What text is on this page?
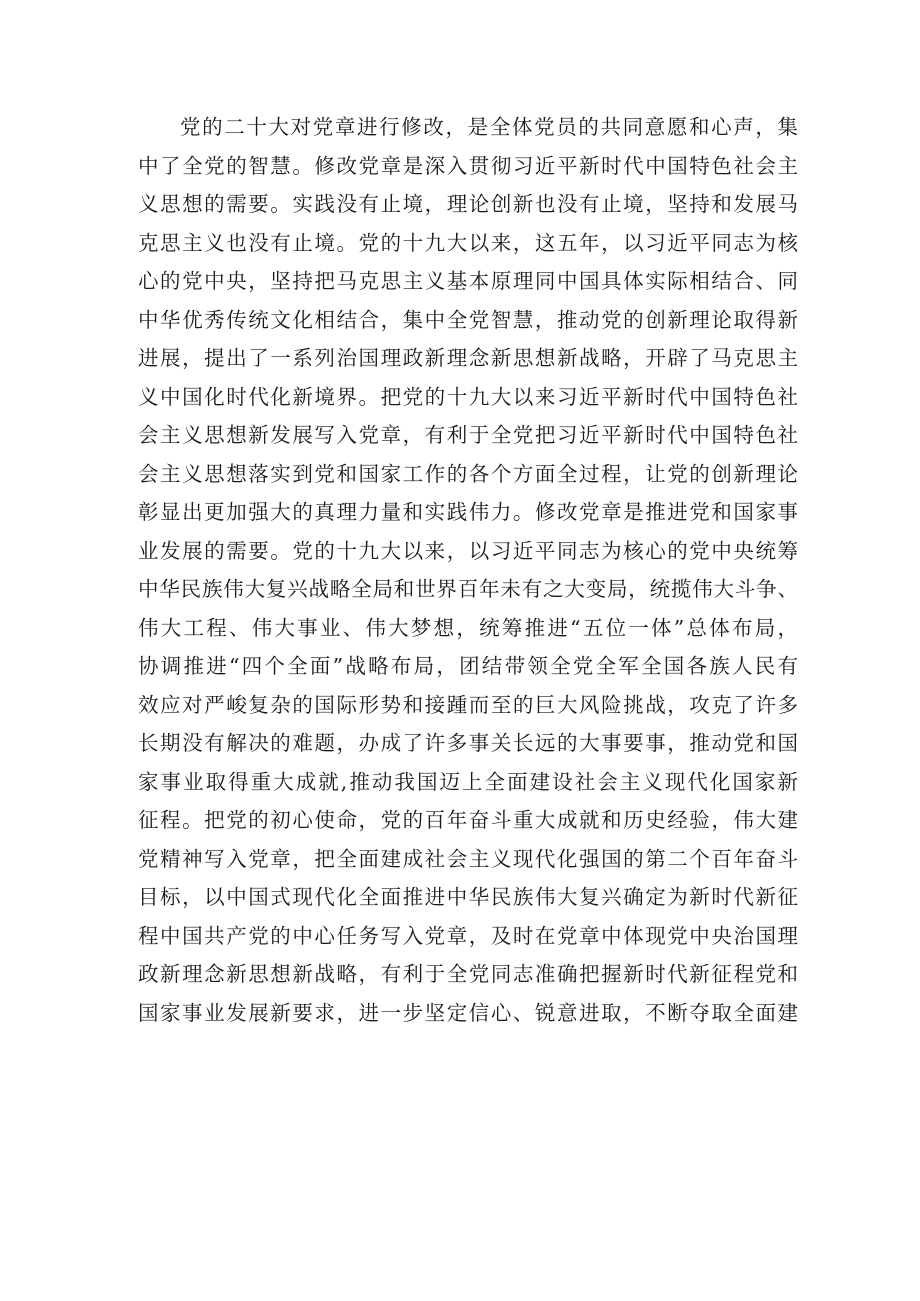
党的二十大对党章进行修改，是全体党员的共同意愿和心声，集
中了全党的智慧。修改党章是深入贯彻习近平新时代中国特色社会主
义思想的需要。实践没有止境，理论创新也没有止境，坚持和发展马
克思主义也没有止境。党的十九大以来，这五年，以习近平同志为核
心的党中央，坚持把马克思主义基本原理同中国具体实际相结合、同
中华优秀传统文化相结合，集中全党智慧，推动党的创新理论取得新
进展，提出了一系列治国理政新理念新思想新战略，开辟了马克思主
义中国化时代化新境界。把党的十九大以来习近平新时代中国特色社
会主义思想新发展写入党章，有利于全党把习近平新时代中国特色社
会主义思想落实到党和国家工作的各个方面全过程，让党的创新理论
彰显出更加强大的真理力量和实践伟力。修改党章是推进党和国家事
业发展的需要。党的十九大以来，以习近平同志为核心的党中央统筹
中华民族伟大复兴战略全局和世界百年未有之大变局，统揽伟大斗争、
伟大工程、伟大事业、伟大梦想，统筹推进“五位一体”总体布局，
协调推进“四个全面”战略布局，团结带领全党全军全国各族人民有
效应对严峻复杂的国际形势和接踵而至的巨大风险挑战，攻克了许多
长期没有解决的难题，办成了许多事关长远的大事要事，推动党和国
家事业取得重大成就,推动我国迈上全面建设社会主义现代化国家新
征程。把党的初心使命，党的百年奋斗重大成就和历史经验，伟大建
党精神写入党章，把全面建成社会主义现代化强国的第二个百年奋斗
目标，以中国式现代化全面推进中华民族伟大复兴确定为新时代新征
程中国共产党的中心任务写入党章，及时在党章中体现党中央治国理
政新理念新思想新战略，有利于全党同志准确把握新时代新征程党和
国家事业发展新要求，进一步坚定信心、锐意进取，不断夺取全面建
